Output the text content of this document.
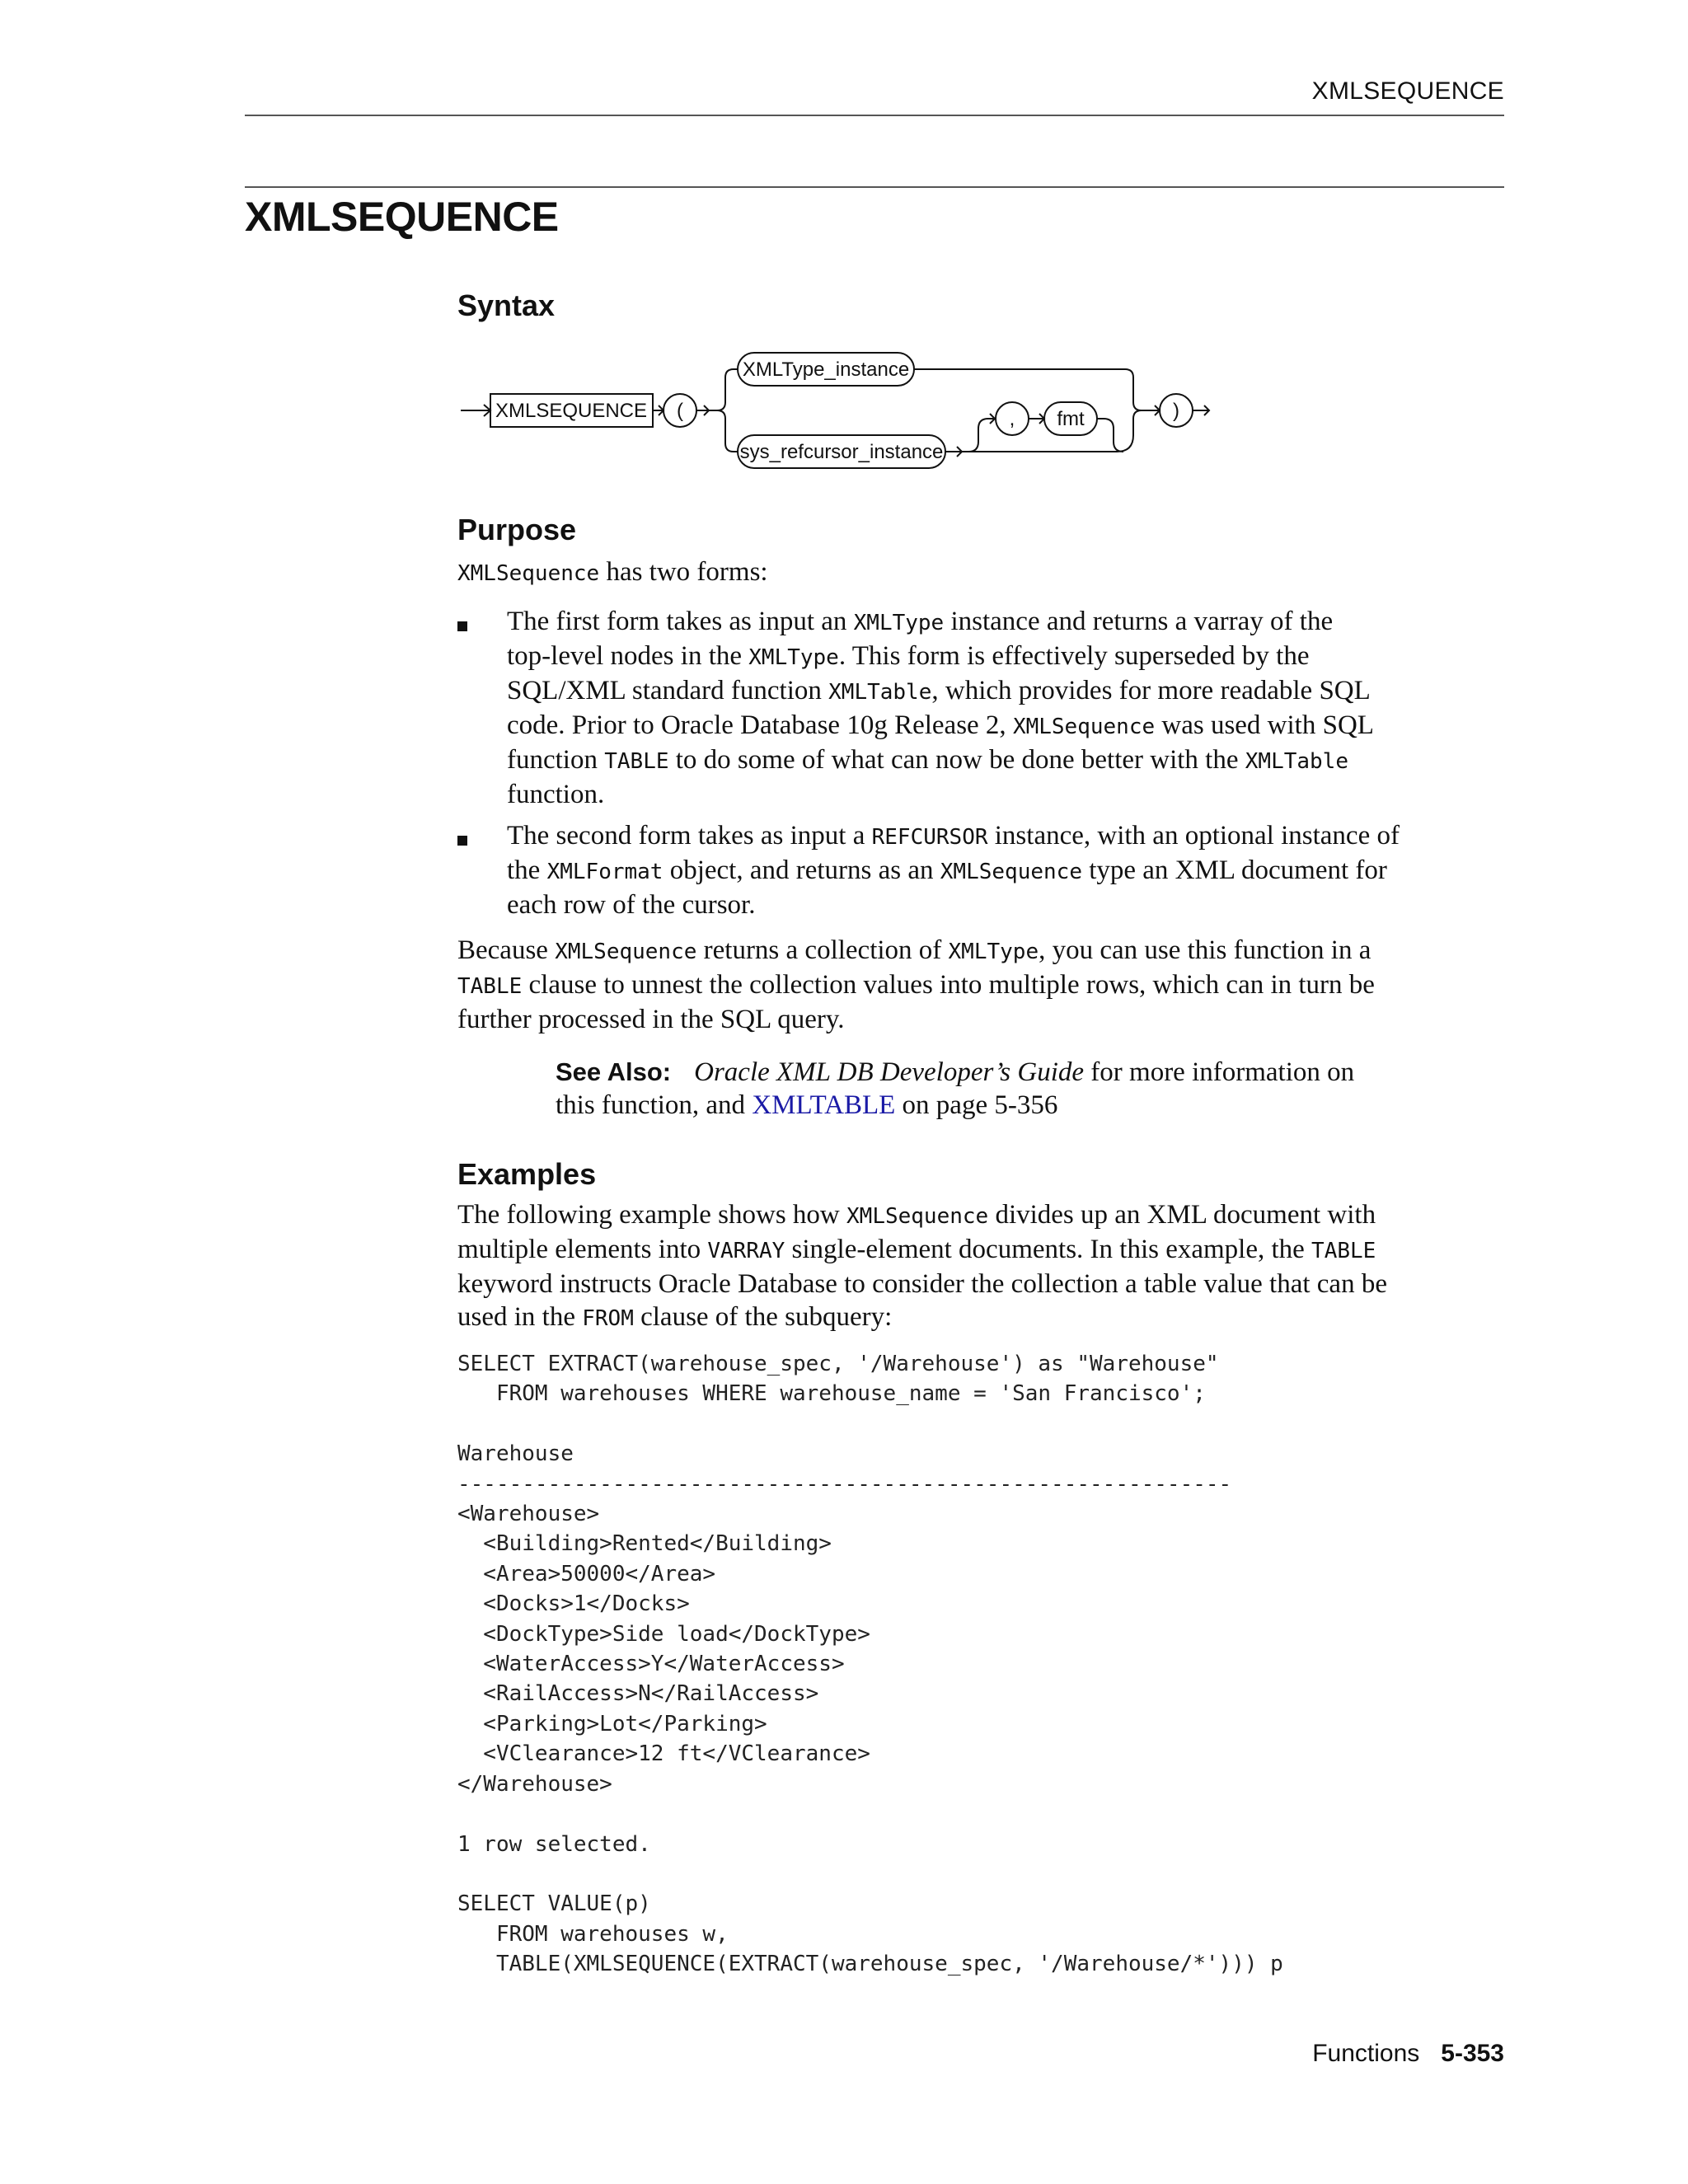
XMLSEQUENCE
XMLSEQUENCE
Syntax
XMLSEQUENCE (
XMLType_instance
sys_refcursor_instance
, fmt	)
Purpose

XMLSequence has two forms:

The first form takes as input an XMLType instance and returns a varray of the
top-level nodes in the XMLType. This form is effectively superseded by the
SQL/XML standard function XMLTable, which provides for more readable SQL
code. Prior to Oracle Database 10g Release 2, XMLSequence was used with SQL
function TABLE to do some of what can now be done better with the XMLTable
function.
The second form takes as input a REFCURSOR instance, with an optional instance of
the XMLFormat object, and returns as an XMLSequence type an XML document for
each row of the cursor.
Because XMLSequence returns a collection of XMLType, you can use this function in a
TABLE clause to unnest the collection values into multiple rows, which can in turn be
further processed in the SQL query.
See Also: Oracle XML DB Developer’s Guide for more information on
this function, and XMLTABLE on page 5-356
Examples
The following example shows how XMLSequence divides up an XML document with
multiple elements into VARRAY single-element documents. In this example, the TABLE
keyword instructs Oracle Database to consider the collection a table value that can be
used in the FROM clause of the subquery:
SELECT EXTRACT(warehouse_spec, '/Warehouse') as "Warehouse"
FROM warehouses WHERE warehouse_name = 'San Francisco';

Warehouse
------------------------------------------------------------
<Warehouse>
<Building>Rented</Building>
<Area>50000</Area>
<Docks>1</Docks>
<DockType>Side load</DockType>
<WaterAccess>Y</WaterAccess>
<RailAccess>N</RailAccess>
<Parking>Lot</Parking>
<VClearance>12 ft</VClearance>
</Warehouse>

1 row selected.

SELECT VALUE(p)
FROM warehouses w,
TABLE(XMLSEQUENCE(EXTRACT(warehouse_spec, '/Warehouse/*'))) p
Functions 5-353
